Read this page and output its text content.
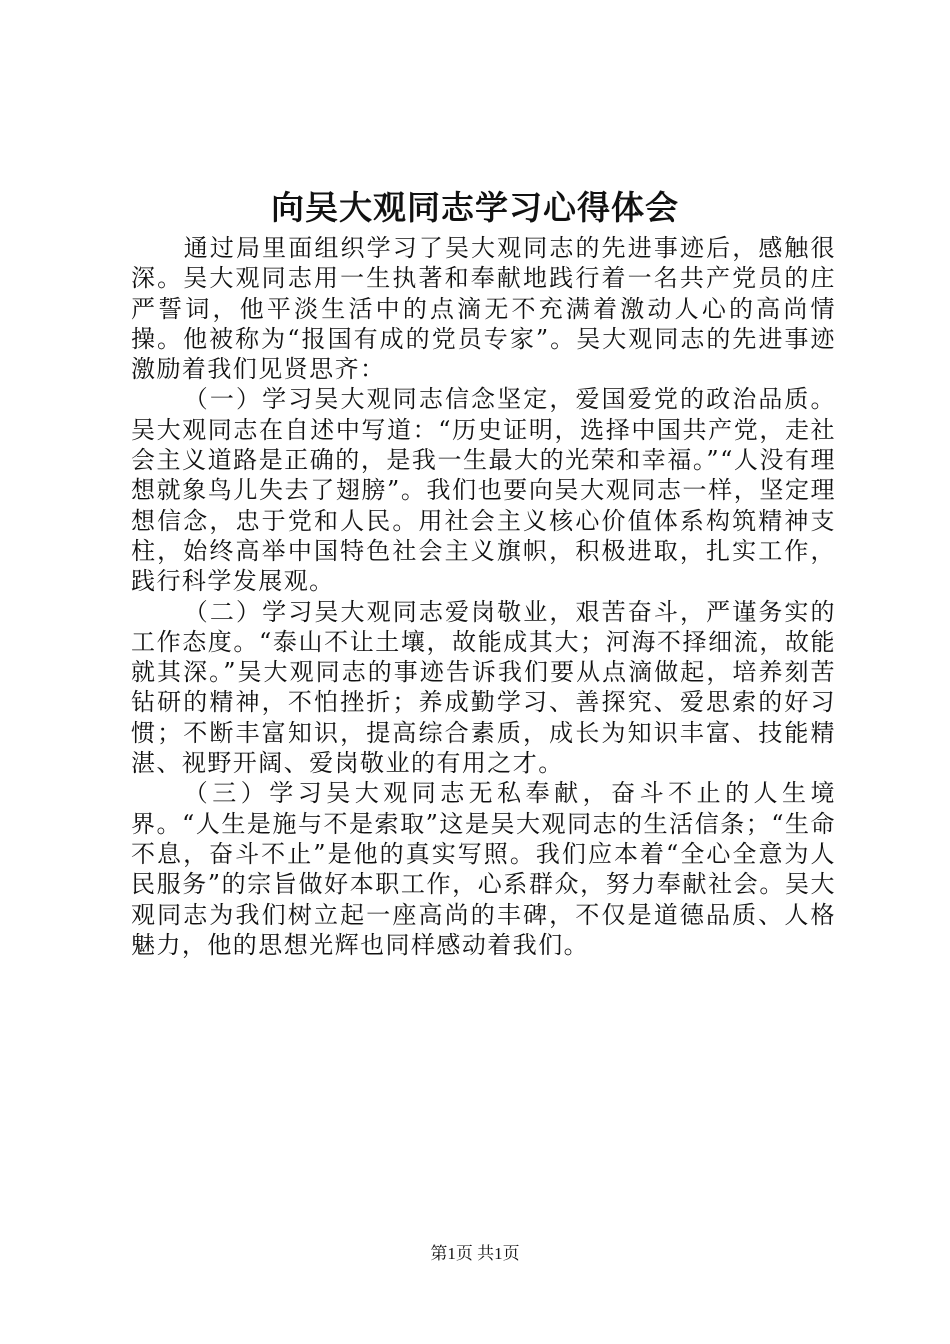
向吴大观同志学习心得体会

通过局里面组织学习了吴大观同志的先进事迹后，感触很深。吴大观同志用一生执著和奉献地践行着一名共产党员的庄严誓词，他平淡生活中的点滴无不充满着激动人心的高尚情操。他被称为“报国有成的党员专家”。吴大观同志的先进事迹激励着我们见贤思齐：

（一）学习吴大观同志信念坚定，爱国爱党的政治品质。吴大观同志在自述中写道：“历史证明，选择中国共产党，走社会主义道路是正确的，是我一生最大的光荣和幸福。”“人没有理想就象鸟儿失去了翅膀”。我们也要向吴大观同志一样，坚定理想信念，忠于党和人民。用社会主义核心价值体系构筑精神支柱，始终高举中国特色社会主义旗帜，积极进取，扎实工作，践行科学发展观。

（二）学习吴大观同志爱岗敬业，艰苦奋斗，严谨务实的工作态度。“泰山不让土壤，故能成其大；河海不择细流，故能就其深。”吴大观同志的事迹告诉我们要从点滴做起，培养刻苦钻研的精神，不怕挫折；养成勤学习、善探究、爱思索的好习惯；不断丰富知识，提高综合素质，成长为知识丰富、技能精湛、视野开阔、爱岗敬业的有用之才。

（三）学习吴大观同志无私奉献，奋斗不止的人生境界。“人生是施与不是索取”这是吴大观同志的生活信条；“生命不息，奋斗不止”是他的真实写照。我们应本着“全心全意为人民服务”的宗旨做好本职工作，心系群众，努力奉献社会。吴大观同志为我们树立起一座高尚的丰碑，不仅是道德品质、人格魅力，他的思想光辉也同样感动着我们。

第1页 共1页
